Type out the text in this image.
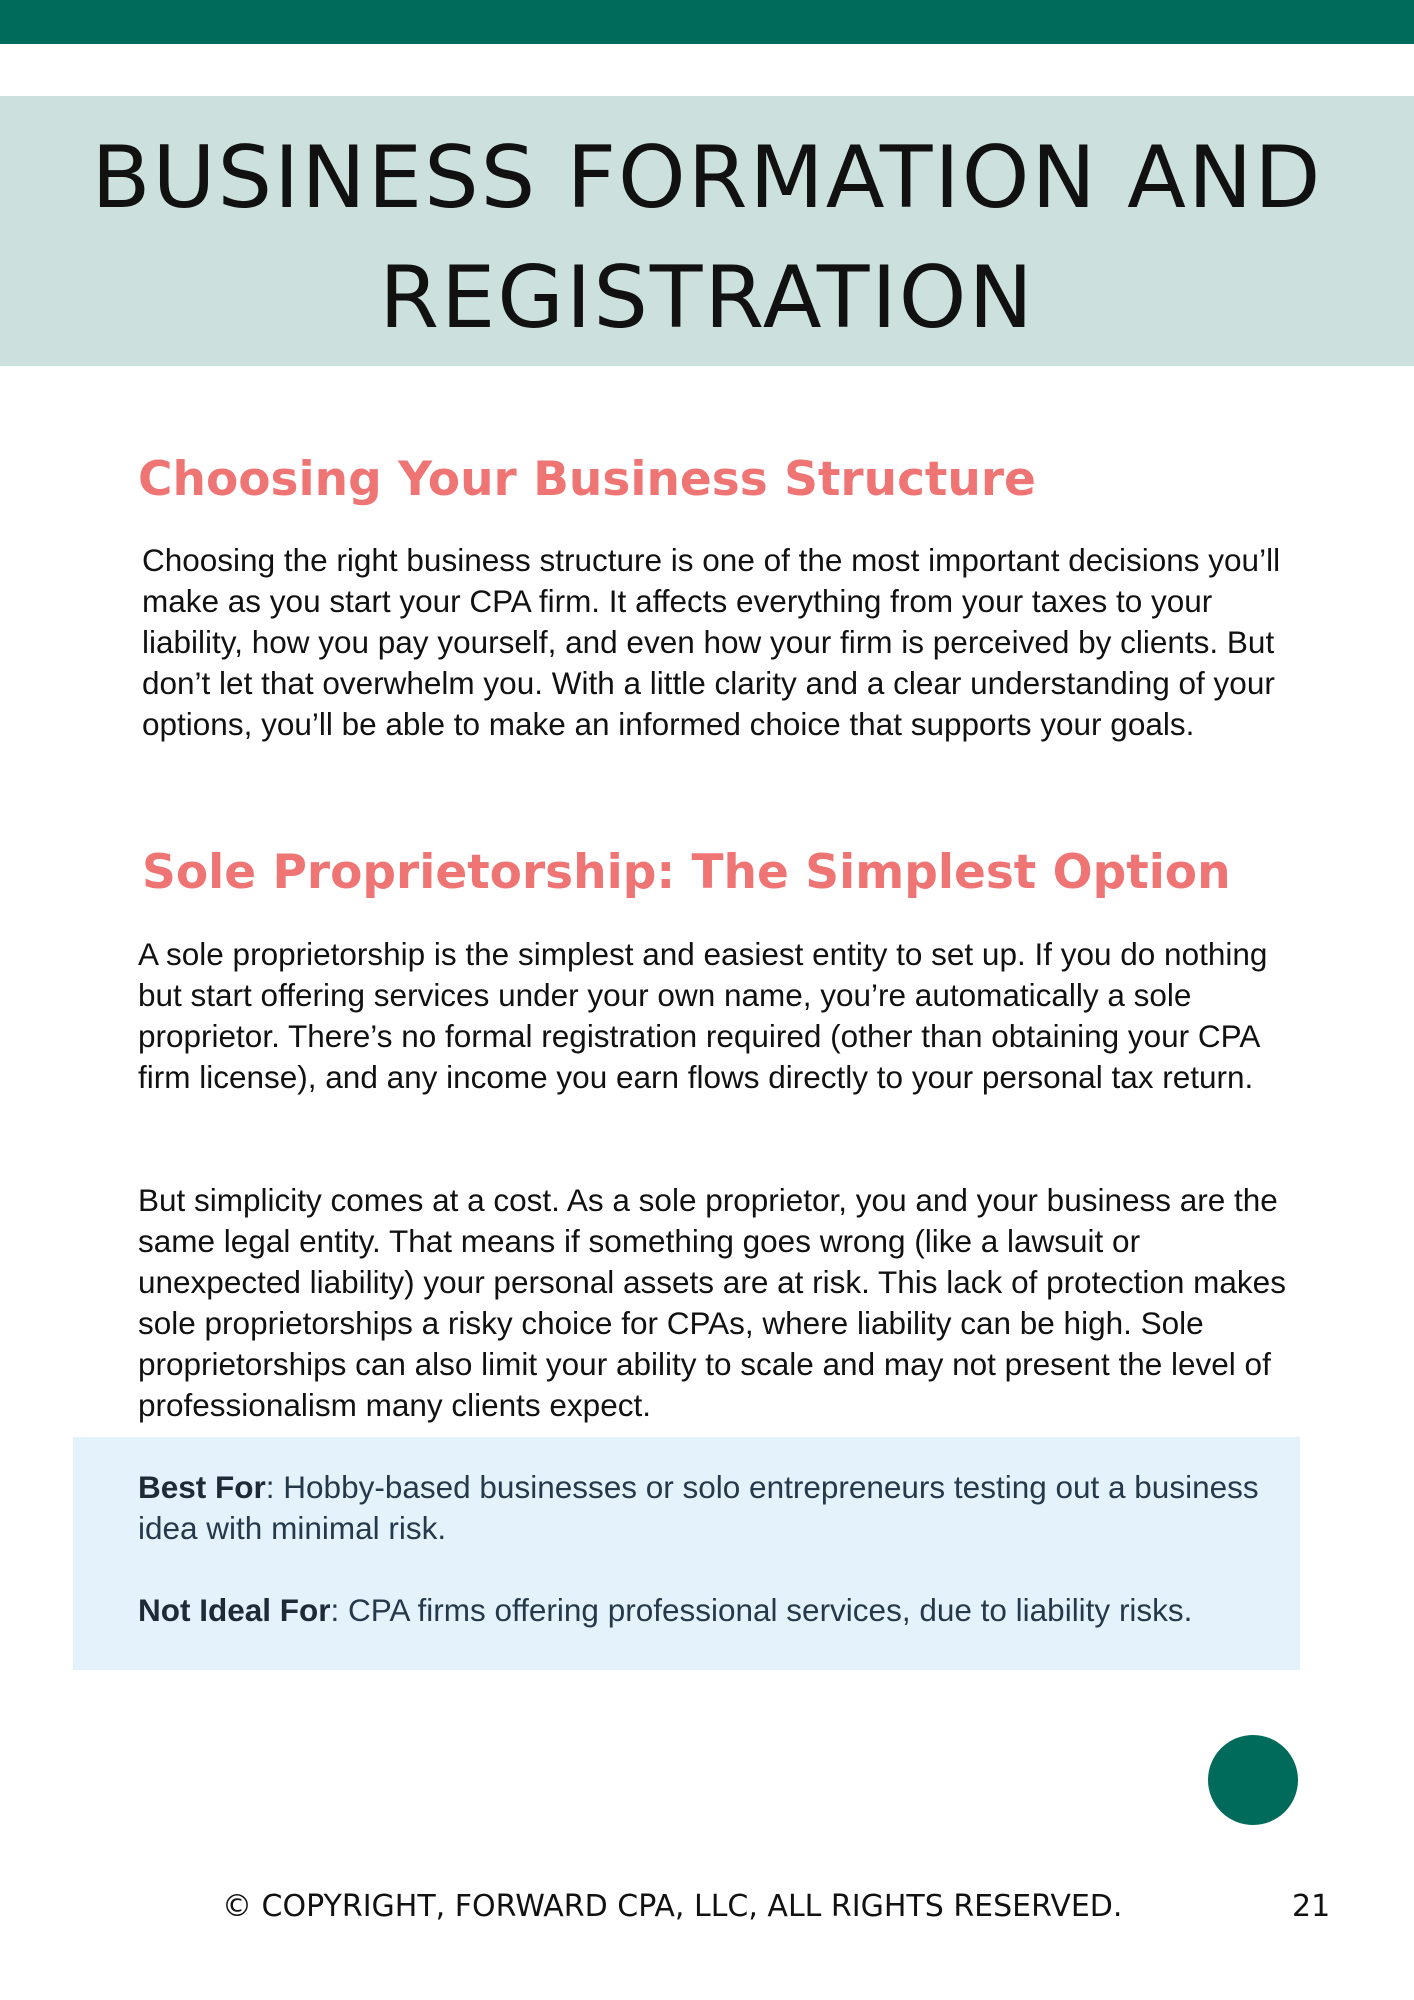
BUSINESS FORMATION AND
REGISTRATION
Choosing Your Business Structure

Choosing the right business structure is one of the most important decisions you’ll make as you start your CPA firm. It affects everything from your taxes to your liability, how you pay yourself, and even how your firm is perceived by clients. But don’t let that overwhelm you. With a little clarity and a clear understanding of your options, you’ll be able to make an informed choice that supports your goals.

Sole Proprietorship: The Simplest Option

A sole proprietorship is the simplest and easiest entity to set up. If you do nothing but start offering services under your own name, you’re automatically a sole proprietor. There’s no formal registration required (other than obtaining your CPA firm license), and any income you earn flows directly to your personal tax return.

But simplicity comes at a cost. As a sole proprietor, you and your business are the same legal entity. That means if something goes wrong (like a lawsuit or unexpected liability) your personal assets are at risk. This lack of protection makes sole proprietorships a risky choice for CPAs, where liability can be high. Sole proprietorships can also limit your ability to scale and may not present the level of professionalism many clients expect.

Best For: Hobby-based businesses or solo entrepreneurs testing out a business idea with minimal risk.

Not Ideal For: CPA firms offering professional services, due to liability risks.

© COPYRIGHT, FORWARD CPA, LLC, ALL RIGHTS RESERVED.	21
